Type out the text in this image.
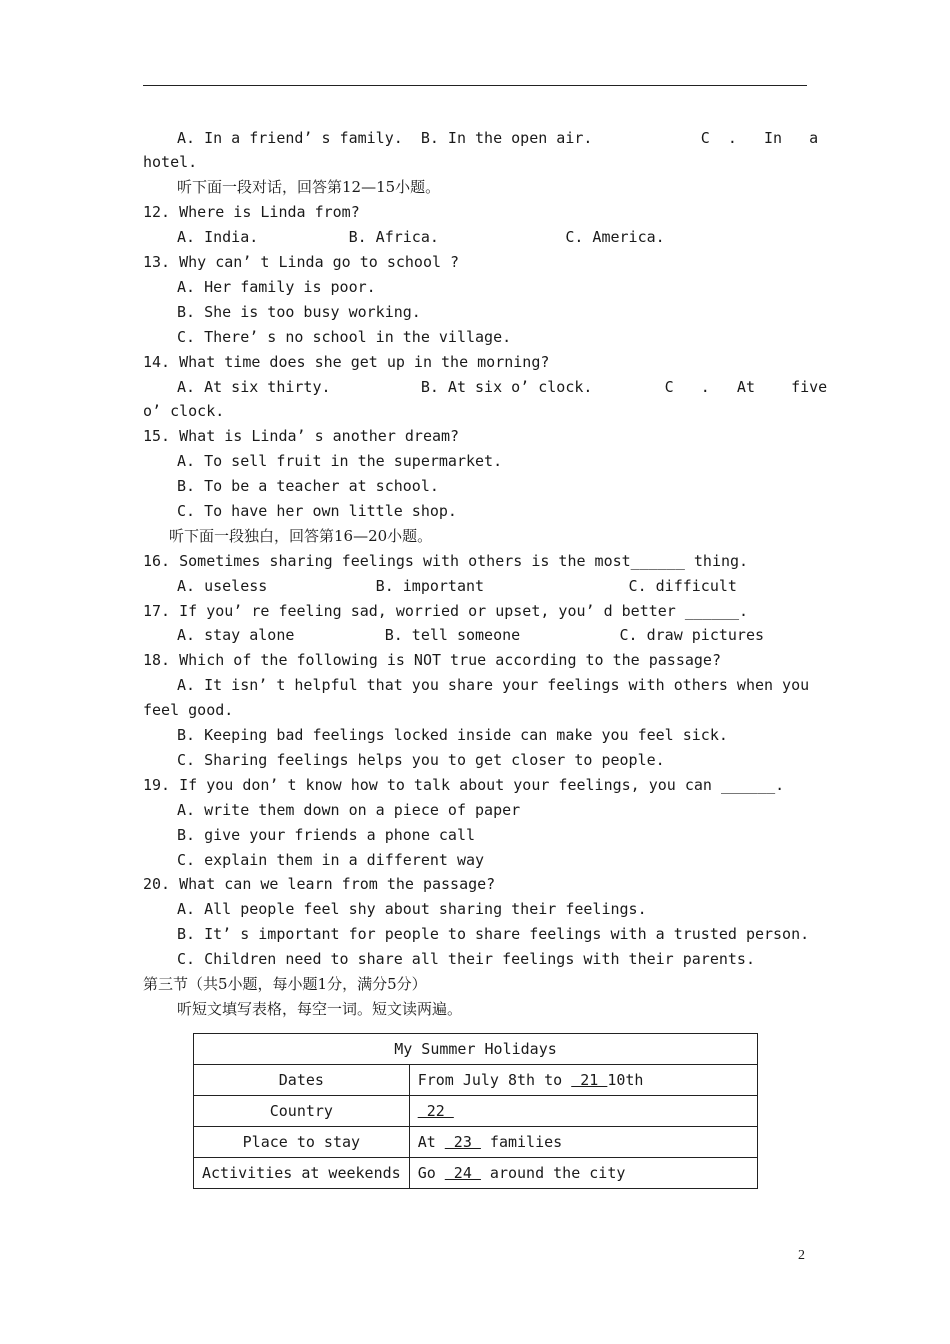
A. In a friend’ s family.  B. In the open air.            C  .   In   a
hotel.
听下面一段对话，回答第12—15小题。
12. Where is Linda from?
A. India.          B. Africa.              C. America.
13. Why can’ t Linda go to school ?
A. Her family is poor.
B. She is too busy working.
C. There’ s no school in the village.
14. What time does she get up in the morning?
A. At six thirty.          B. At six o’ clock.        C   .   At    five
o’ clock.
15. What is Linda’ s another dream?
A. To sell fruit in the supermarket.
B. To be a teacher at school.
C. To have her own little shop.
听下面一段独白，回答第16—20小题。
16. Sometimes sharing feelings with others is the most______ thing.
A. useless            B. important                C. difficult
17. If you’ re feeling sad, worried or upset, you’ d better ______.
A. stay alone          B. tell someone           C. draw pictures
18. Which of the following is NOT true according to the passage?
A. It isn’ t helpful that you share your feelings with others when you
feel good.
B. Keeping bad feelings locked inside can make you feel sick.
C. Sharing feelings helps you to get closer to people.
19. If you don’ t know how to talk about your feelings, you can ______.
A. write them down on a piece of paper
B. give your friends a phone call
C. explain them in a different way
20. What can we learn from the passage?
A. All people feel shy about sharing their feelings.
B. It’ s important for people to share feelings with a trusted person.
C. Children need to share all their feelings with their parents.
第三节（共5小题，每小题1分，满分5分）
听短文填写表格，每空一词。短文读两遍。
My Summer Holidays	
Dates	From July 8th to  21 10th
Country	22
Place to stay	At  23  families
Activities at weekends	Go  24  around the city
2
